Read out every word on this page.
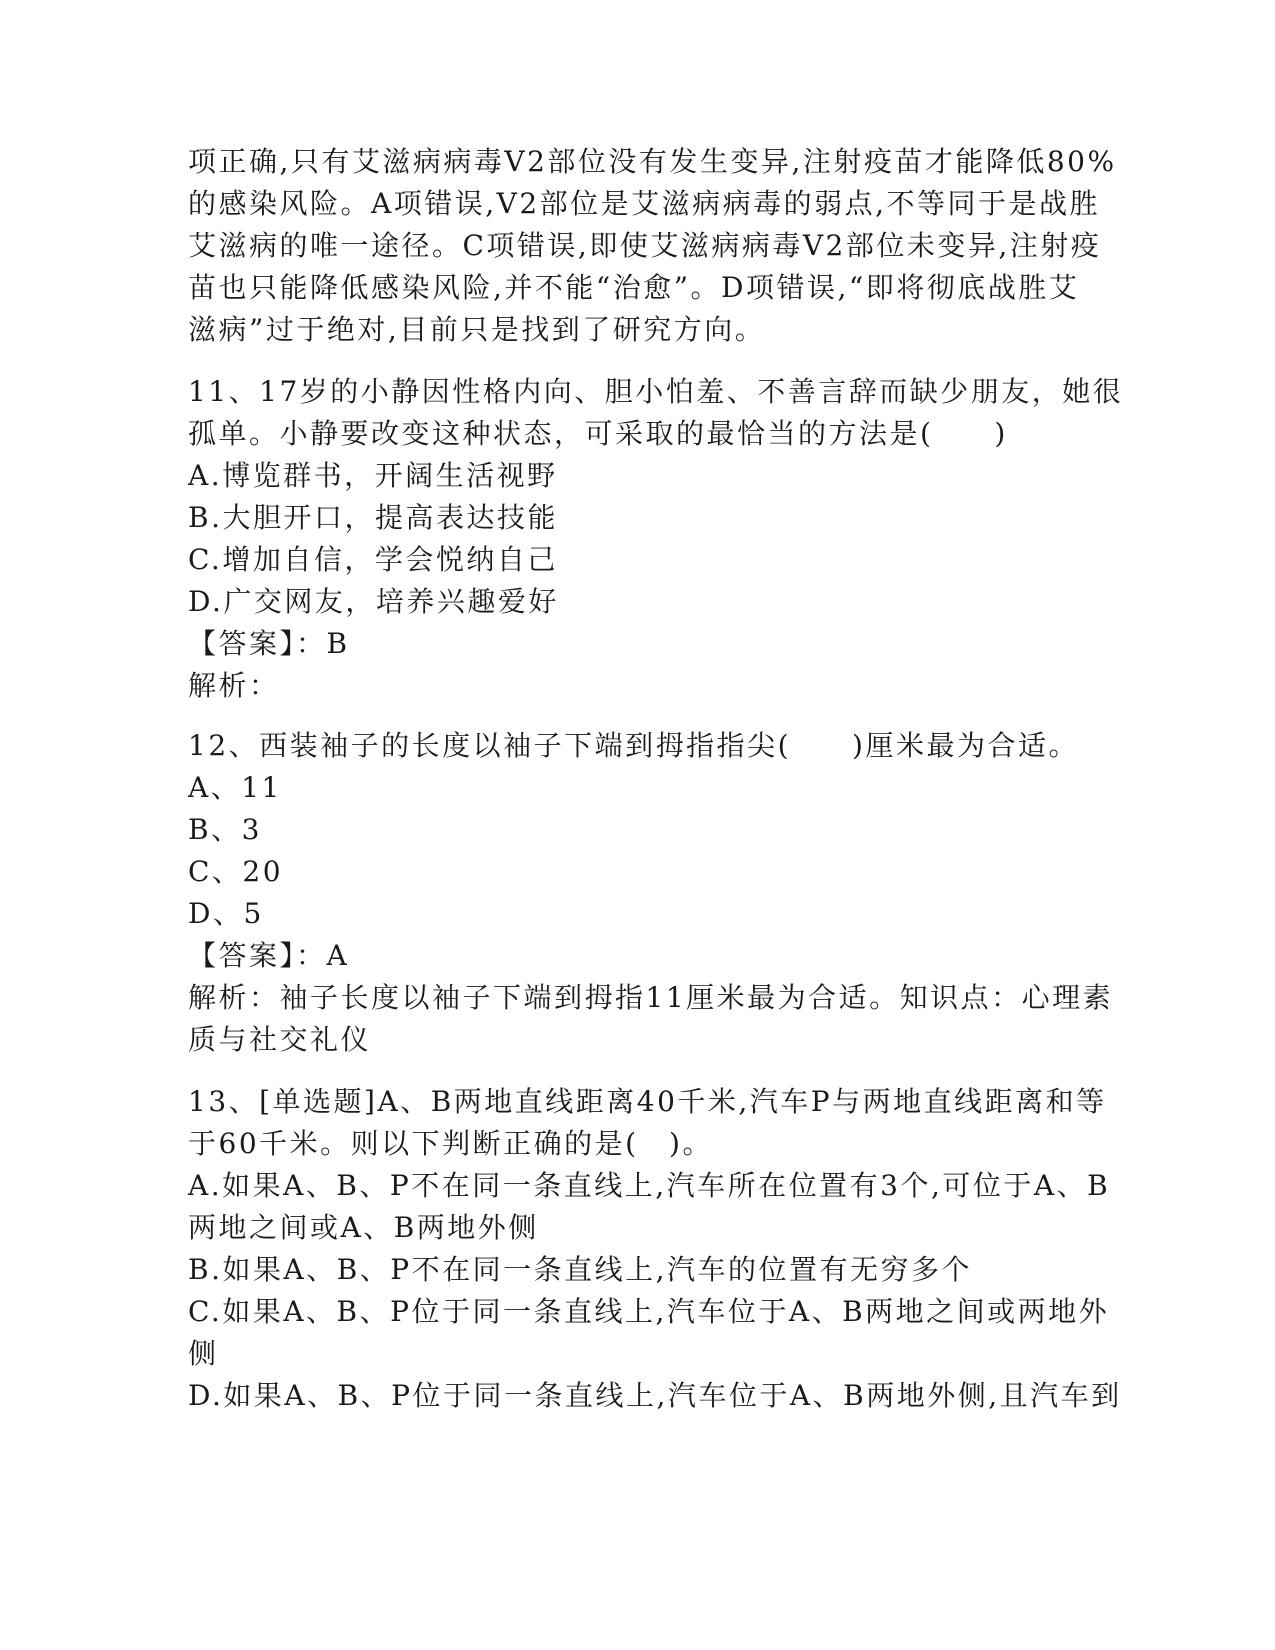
项正确,只有艾滋病病毒V2部位没有发生变异,注射疫苗才能降低80%
的感染风险。A项错误,V2部位是艾滋病病毒的弱点,不等同于是战胜
艾滋病的唯一途径。C项错误,即使艾滋病病毒V2部位未变异,注射疫
苗也只能降低感染风险,并不能“治愈”。D项错误,“即将彻底战胜艾
滋病”过于绝对,目前只是找到了研究方向。
11、17岁的小静因性格内向、胆小怕羞、不善言辞而缺少朋友，她很
孤单。小静要改变这种状态，可采取的最恰当的方法是(　　)
A.博览群书，开阔生活视野
B.大胆开口，提高表达技能
C.增加自信，学会悦纳自己
D.广交网友，培养兴趣爱好
【答案】：B
解析：
12、西装袖子的长度以袖子下端到拇指指尖(　　)厘米最为合适。
A、11
B、3
C、20
D、5
【答案】：A
解析：袖子长度以袖子下端到拇指11厘米最为合适。知识点：心理素
质与社交礼仪
13、[单选题]A、B两地直线距离40千米,汽车P与两地直线距离和等
于60千米。则以下判断正确的是(　)。
A.如果A、B、P不在同一条直线上,汽车所在位置有3个,可位于A、B
两地之间或A、B两地外侧
B.如果A、B、P不在同一条直线上,汽车的位置有无穷多个
C.如果A、B、P位于同一条直线上,汽车位于A、B两地之间或两地外
侧
D.如果A、B、P位于同一条直线上,汽车位于A、B两地外侧,且汽车到
